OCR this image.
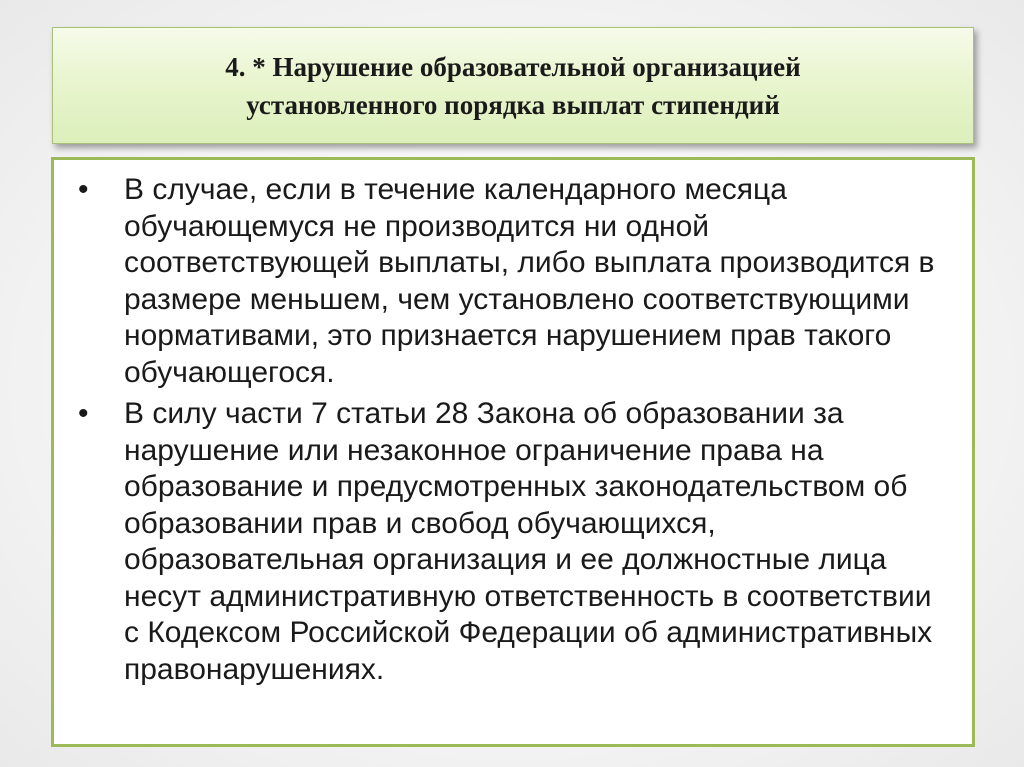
4. * Нарушение образовательной организацией
установленного порядка выплат стипендий
• В случае, если в течение календарного месяца обучающемуся не производится ни одной соответствующей выплаты, либо выплата производится в размере меньшем, чем установлено соответствующими нормативами, это признается нарушением прав такого обучающегося.
• В силу части 7 статьи 28 Закона об образовании за нарушение или незаконное ограничение права на образование и предусмотренных законодательством об образовании прав и свобод обучающихся, образовательная организация и ее должностные лица несут административную ответственность в соответствии с Кодексом Российской Федерации об административных правонарушениях.
